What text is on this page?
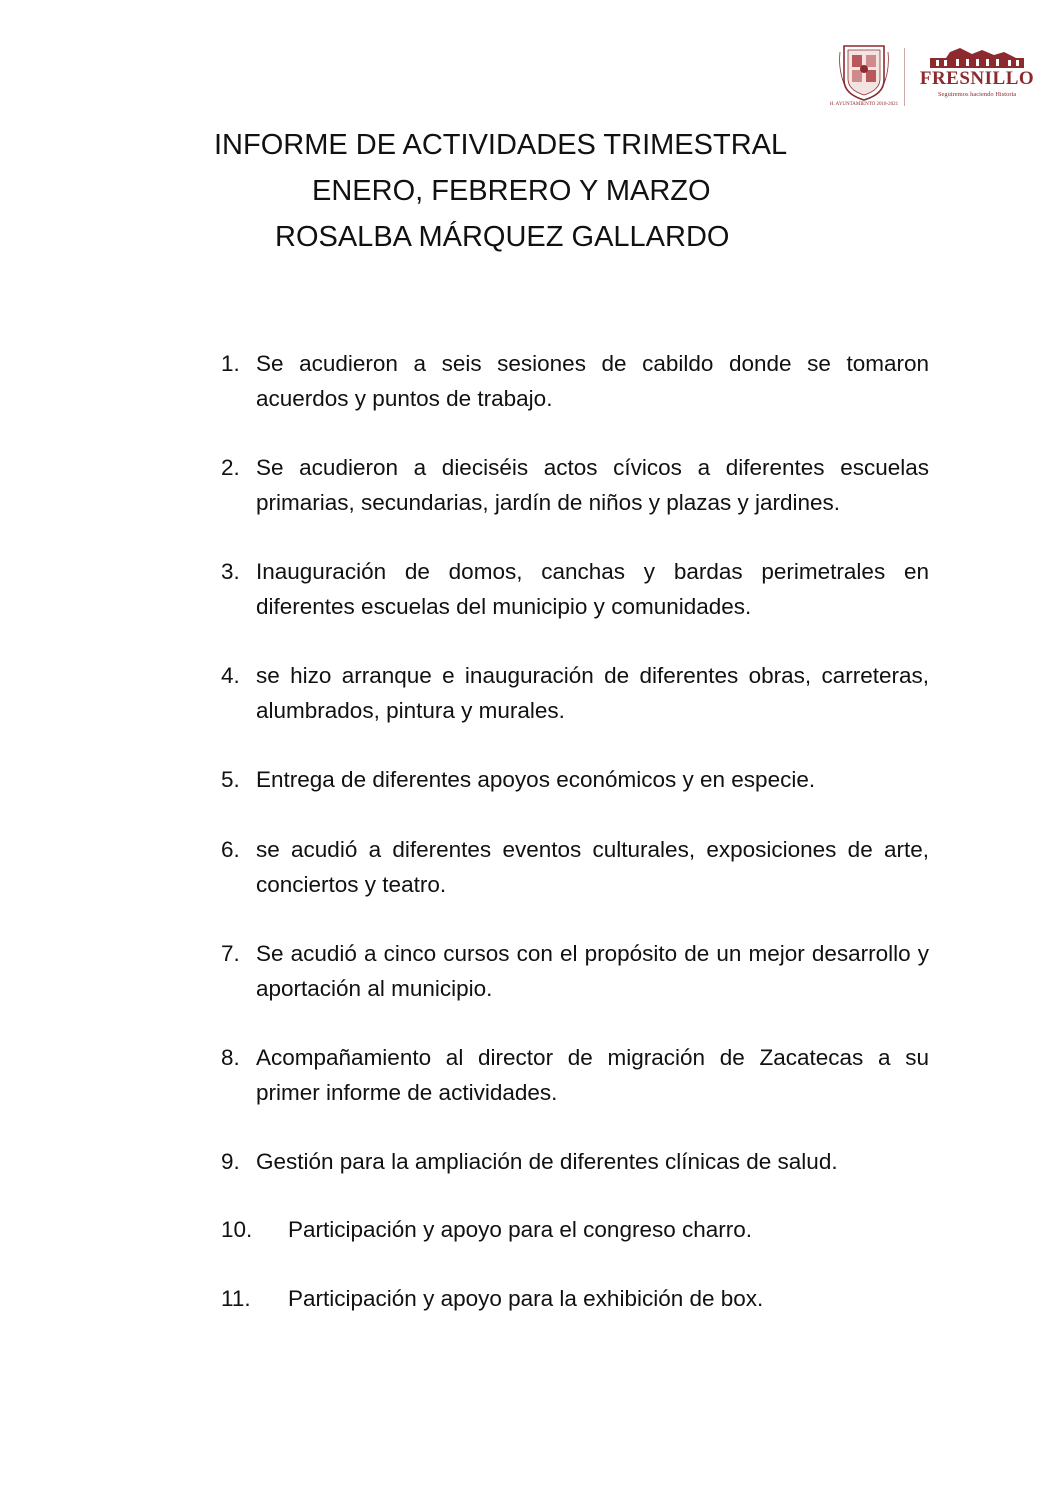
H. AYUNTAMIENTO 2018-2021
FRESNILLO
Seguiremos haciendo Historia
INFORME DE ACTIVIDADES TRIMESTRAL
ENERO, FEBRERO Y MARZO
ROSALBA MÁRQUEZ GALLARDO
1. Se acudieron a seis sesiones de cabildo donde se tomaron acuerdos y puntos de trabajo.
2. Se acudieron a dieciséis actos cívicos a diferentes escuelas primarias, secundarias, jardín de niños y plazas y jardines.
3. Inauguración de domos, canchas y bardas perimetrales en diferentes escuelas del municipio y comunidades.
4. se hizo arranque e inauguración de diferentes obras, carreteras, alumbrados, pintura y murales.
5. Entrega de diferentes apoyos económicos y en especie.
6. se acudió a diferentes eventos culturales, exposiciones de arte, conciertos y teatro.
7. Se acudió a cinco cursos con el propósito de un mejor desarrollo y aportación al municipio.
8. Acompañamiento al director de migración de Zacatecas a su primer informe de actividades.
9. Gestión para la ampliación de diferentes clínicas de salud.
10. Participación y apoyo para el congreso charro.
11. Participación y apoyo para la exhibición de box.
